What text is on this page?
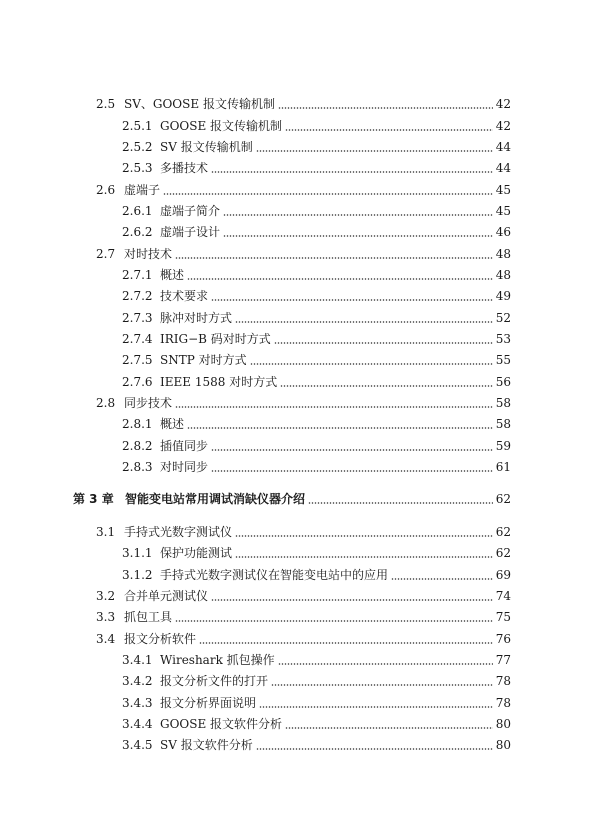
2.5 SV、GOOSE 报文传输机制	42
2.5.1 GOOSE 报文传输机制	42
2.5.2 SV 报文传输机制	44
2.5.3 多播技术	44
2.6 虚端子	45
2.6.1 虚端子简介	45
2.6.2 虚端子设计	46
2.7 对时技术	48
2.7.1 概述	48
2.7.2 技术要求	49
2.7.3 脉冲对时方式	52
2.7.4 IRIG−B 码对时方式	53
2.7.5 SNTP 对时方式	55
2.7.6 IEEE 1588 对时方式	56
2.8 同步技术	58
2.8.1 概述	58
2.8.2 插值同步	59
2.8.3 对时同步	61
第 3 章 智能变电站常用调试消缺仪器介绍	62
3.1 手持式光数字测试仪	62
3.1.1 保护功能测试	62
3.1.2 手持式光数字测试仪在智能变电站中的应用	69
3.2 合并单元测试仪	74
3.3 抓包工具	75
3.4 报文分析软件	76
3.4.1 Wireshark 抓包操作	77
3.4.2 报文分析文件的打开	78
3.4.3 报文分析界面说明	78
3.4.4 GOOSE 报文软件分析	80
3.4.5 SV 报文软件分析	80
